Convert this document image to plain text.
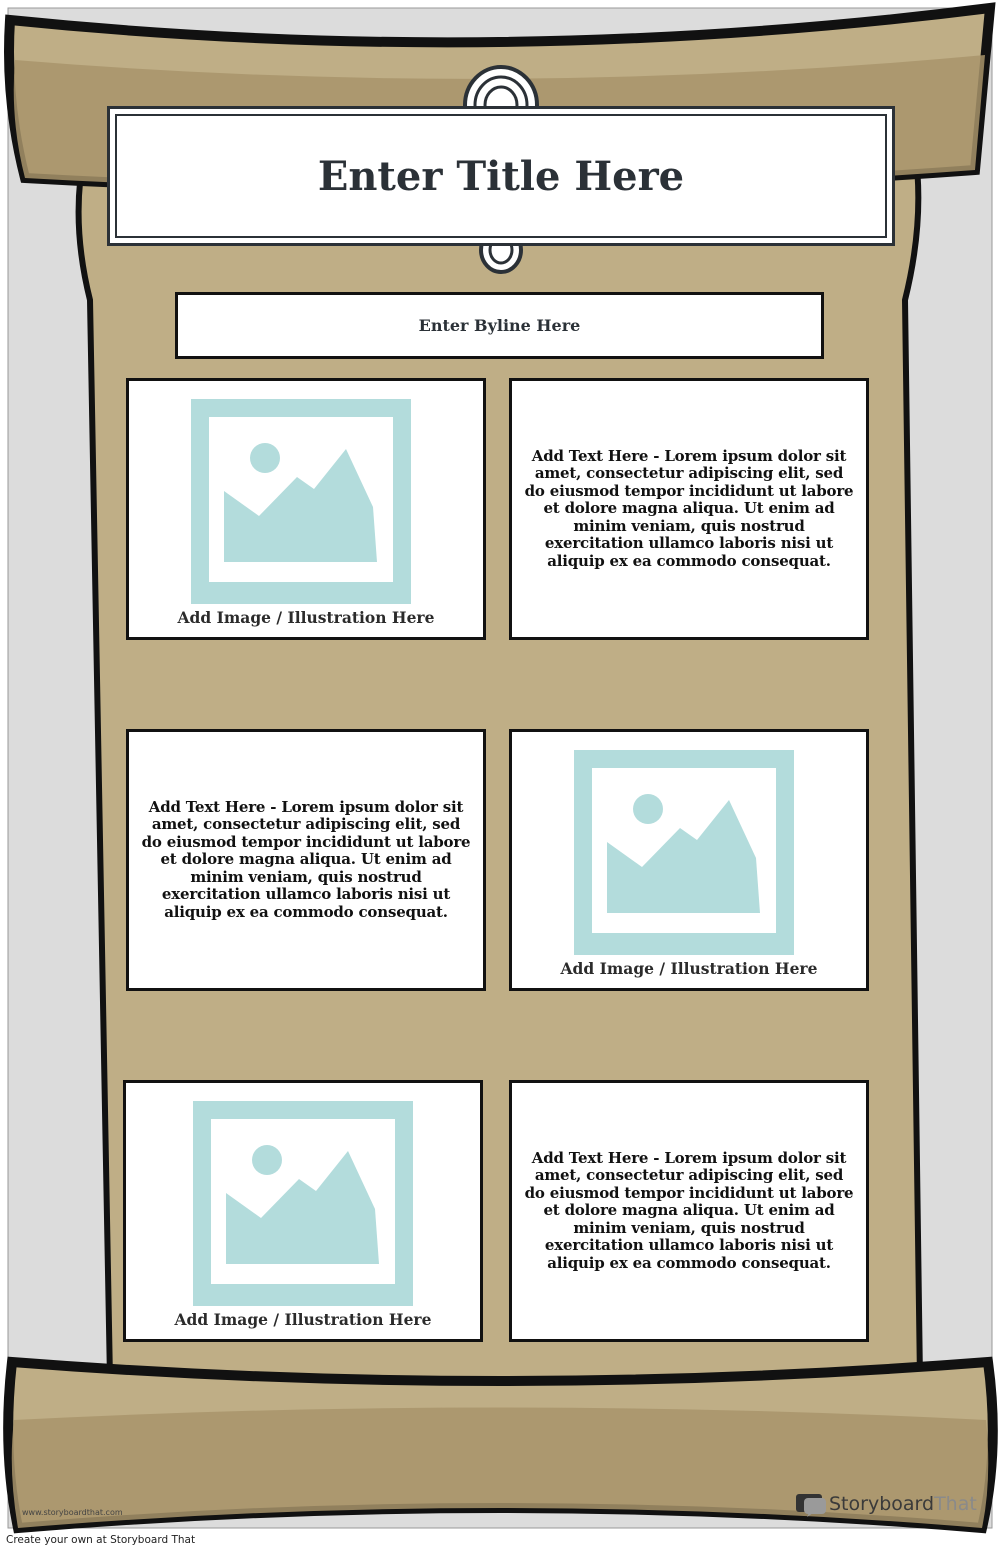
Enter Title Here
Enter Byline Here
Add Image / Illustration Here

Add Text Here - Lorem ipsum dolor sit amet, consectetur adipiscing elit, sed do eiusmod tempor incididunt ut labore et dolore magna aliqua. Ut enim ad minim veniam, quis nostrud exercitation ullamco laboris nisi ut aliquip ex ea commodo consequat.

Add Text Here - Lorem ipsum dolor sit amet, consectetur adipiscing elit, sed do eiusmod tempor incididunt ut labore et dolore magna aliqua. Ut enim ad minim veniam, quis nostrud exercitation ullamco laboris nisi ut aliquip ex ea commodo consequat.

Add Image / Illustration Here
Add Image / Illustration Here

Add Text Here - Lorem ipsum dolor sit amet, consectetur adipiscing elit, sed do eiusmod tempor incididunt ut labore et dolore magna aliqua. Ut enim ad minim veniam, quis nostrud exercitation ullamco laboris nisi ut aliquip ex ea commodo consequat.

www.storyboardthat.com	Storyboard That
Create your own at Storyboard That
